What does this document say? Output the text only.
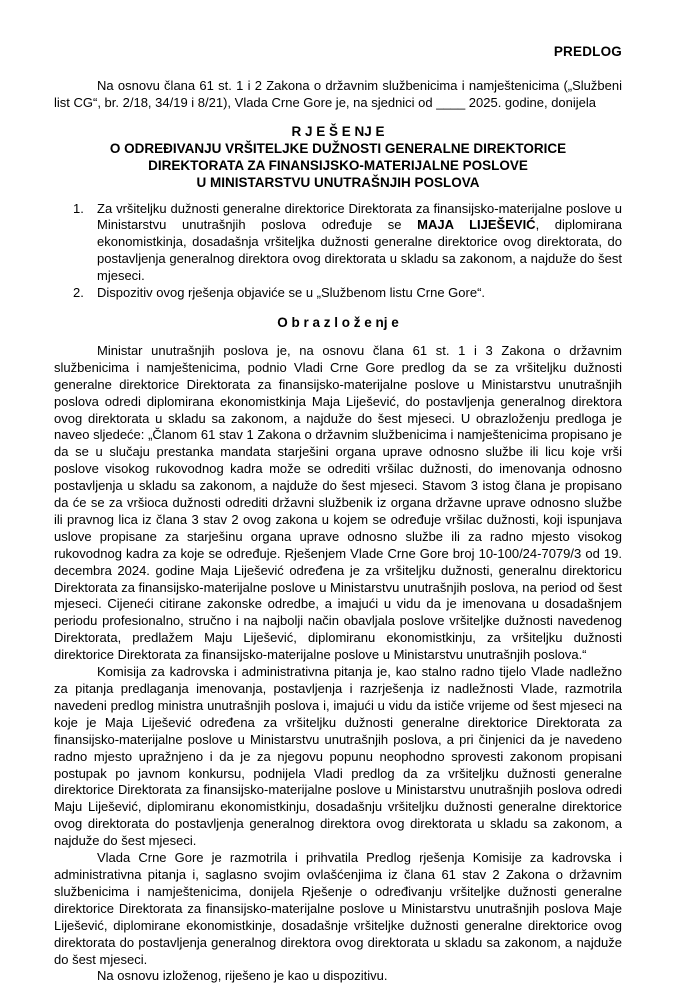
PREDLOG

Na osnovu člana 61 st. 1 i 2 Zakona o državnim službenicima i namještenicima („Službeni list CG“, br. 2/18, 34/19 i 8/21), Vlada Crne Gore je, na sjednici od ____ 2025. godine, donijela

R J E Š E NJ E
O ODREĐIVANJU VRŠITELJKE DUŽNOSTI GENERALNE DIREKTORICE
DIREKTORATA ZA FINANSIJSKO-MATERIJALNE POSLOVE
U MINISTARSTVU UNUTRAŠNJIH POSLOVA
1.	Za vršiteljku dužnosti generalne direktorice Direktorata za finansijsko-materijalne poslove u Ministarstvu unutrašnjih poslova određuje se MAJA LIJEŠEVIĆ, diplomirana ekonomistkinja, dosadašnja vršiteljka dužnosti generalne direktorice ovog direktorata, do postavljenja generalnog direktora ovog direktorata u skladu sa zakonom, a najduže do šest mjeseci.
2.	Dispozitiv ovog rješenja objaviće se u „Službenom listu Crne Gore“.
O b r a z l o ž e nj e

Ministar unutrašnjih poslova je, na osnovu člana 61 st. 1 i 3 Zakona o državnim službenicima i namještenicima, podnio Vladi Crne Gore predlog da se za vršiteljku dužnosti generalne direktorice Direktorata za finansijsko-materijalne poslove u Ministarstvu unutrašnjih poslova odredi diplomirana ekonomistkinja Maja Liješević, do postavljenja generalnog direktora ovog direktorata u skladu sa zakonom, a najduže do šest mjeseci. U obrazloženju predloga je naveo sljedeće: „Članom 61 stav 1 Zakona o državnim službenicima i namještenicima propisano je da se u slučaju prestanka mandata starješini organa uprave odnosno službe ili licu koje vrši poslove visokog rukovodnog kadra može se odrediti vršilac dužnosti, do imenovanja odnosno postavljenja u skladu sa zakonom, a najduže do šest mjeseci. Stavom 3 istog člana je propisano da će se za vršioca dužnosti odrediti državni službenik iz organa državne uprave odnosno službe ili pravnog lica iz člana 3 stav 2 ovog zakona u kojem se određuje vršilac dužnosti, koji ispunjava uslove propisane za starješinu organa uprave odnosno službe ili za radno mjesto visokog rukovodnog kadra za koje se određuje. Rješenjem Vlade Crne Gore broj 10-100/24-7079/3 od 19. decembra 2024. godine Maja Liješević određena je za vršiteljku dužnosti, generalnu direktoricu Direktorata za finansijsko-materijalne poslove u Ministarstvu unutrašnjih poslova, na period od šest mjeseci. Cijeneći citirane zakonske odredbe, a imajući u vidu da je imenovana u dosadašnjem periodu profesionalno, stručno i na najbolji način obavljala poslove vršiteljke dužnosti navedenog Direktorata, predlažem Maju Liješević, diplomiranu ekonomistkinju, za vršiteljku dužnosti direktorice Direktorata za finansijsko-materijalne poslove u Ministarstvu unutrašnjih poslova.“

Komisija za kadrovska i administrativna pitanja je, kao stalno radno tijelo Vlade nadležno za pitanja predlaganja imenovanja, postavljenja i razrješenja iz nadležnosti Vlade, razmotrila navedeni predlog ministra unutrašnjih poslova i, imajući u vidu da ističe vrijeme od šest mjeseci na koje je Maja Liješević određena za vršiteljku dužnosti generalne direktorice Direktorata za finansijsko-materijalne poslove u Ministarstvu unutrašnjih poslova, a pri činjenici da je navedeno radno mjesto upražnjeno i da je za njegovu popunu neophodno sprovesti zakonom propisani postupak po javnom konkursu, podnijela Vladi predlog da za vršiteljku dužnosti generalne direktorice Direktorata za finansijsko-materijalne poslove u Ministarstvu unutrašnjih poslova odredi Maju Liješević, diplomiranu ekonomistkinju, dosadašnju vršiteljku dužnosti generalne direktorice ovog direktorata do postavljenja generalnog direktora ovog direktorata u skladu sa zakonom, a najduže do šest mjeseci.

Vlada Crne Gore je razmotrila i prihvatila Predlog rješenja Komisije za kadrovska i administrativna pitanja i, saglasno svojim ovlašćenjima iz člana 61 stav 2 Zakona o državnim službenicima i namještenicima, donijela Rješenje o određivanju vršiteljke dužnosti generalne direktorice Direktorata za finansijsko-materijalne poslove u Ministarstvu unutrašnjih poslova Maje Liješević, diplomirane ekonomistkinje, dosadašnje vršiteljke dužnosti generalne direktorice ovog direktorata do postavljenja generalnog direktora ovog direktorata u skladu sa zakonom, a najduže do šest mjeseci.

Na osnovu izloženog, riješeno je kao u dispozitivu.
